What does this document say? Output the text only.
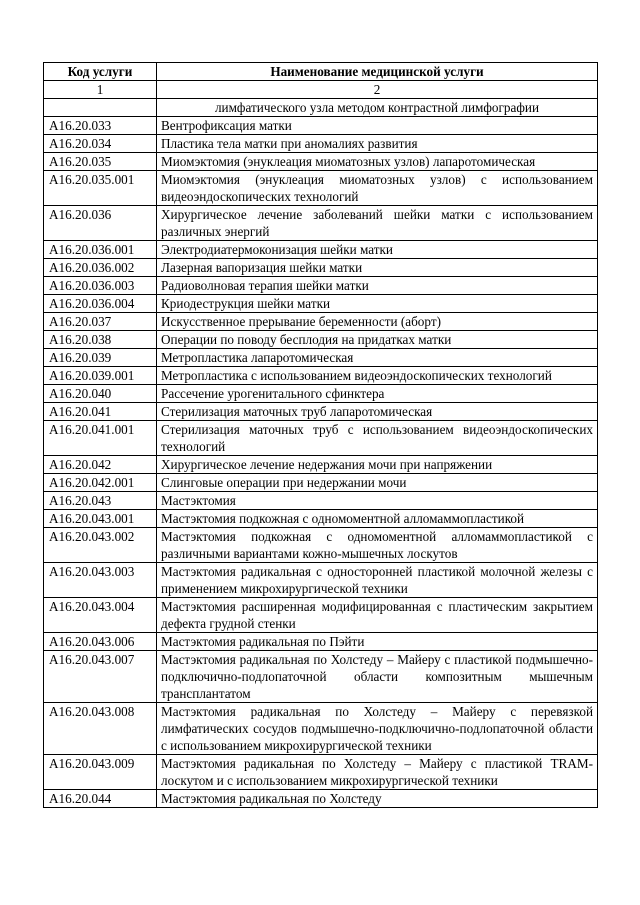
Код услуги	Наименование медицинской услуги
1	2
	лимфатического узла методом контрастной лимфографии
A16.20.033	Вентрофиксация матки
A16.20.034	Пластика тела матки при аномалиях развития
A16.20.035	Миомэктомия (энуклеация миоматозных узлов) лапаротомическая
A16.20.035.001	Миомэктомия (энуклеация миоматозных узлов) с использованием видеоэндоскопических технологий
A16.20.036	Хирургическое лечение заболеваний шейки матки с использованием различных энергий
A16.20.036.001	Электродиатермоконизация шейки матки
A16.20.036.002	Лазерная вапоризация шейки матки
A16.20.036.003	Радиоволновая терапия шейки матки
A16.20.036.004	Криодеструкция шейки матки
A16.20.037	Искусственное прерывание беременности (аборт)
A16.20.038	Операции по поводу бесплодия на придатках матки
A16.20.039	Метропластика лапаротомическая
A16.20.039.001	Метропластика с использованием видеоэндоскопических технологий
A16.20.040	Рассечение урогенитального сфинктера
A16.20.041	Стерилизация маточных труб лапаротомическая
A16.20.041.001	Стерилизация маточных труб с использованием видеоэндоскопических технологий
A16.20.042	Хирургическое лечение недержания мочи при напряжении
A16.20.042.001	Слинговые операции при недержании мочи
A16.20.043	Мастэктомия
A16.20.043.001	Мастэктомия подкожная с одномоментной алломаммопластикой
A16.20.043.002	Мастэктомия подкожная с одномоментной алломаммопластикой с различными вариантами кожно-мышечных лоскутов
A16.20.043.003	Мастэктомия радикальная с односторонней пластикой молочной железы с применением микрохирургической техники
A16.20.043.004	Мастэктомия расширенная модифицированная с пластическим закрытием дефекта грудной стенки
A16.20.043.006	Мастэктомия радикальная по Пэйти
A16.20.043.007	Мастэктомия радикальная по Холстеду – Майеру с пластикой подмышечно-подключично-подлопаточной области композитным мышечным трансплантатом
A16.20.043.008	Мастэктомия радикальная по Холстеду – Майеру с перевязкой лимфатических сосудов подмышечно-подключично-подлопаточной области с использованием микрохирургической техники
A16.20.043.009	Мастэктомия радикальная по Холстеду – Майеру с пластикой TRAM-лоскутом и с использованием микрохирургической техники
A16.20.044	Мастэктомия радикальная по Холстеду
